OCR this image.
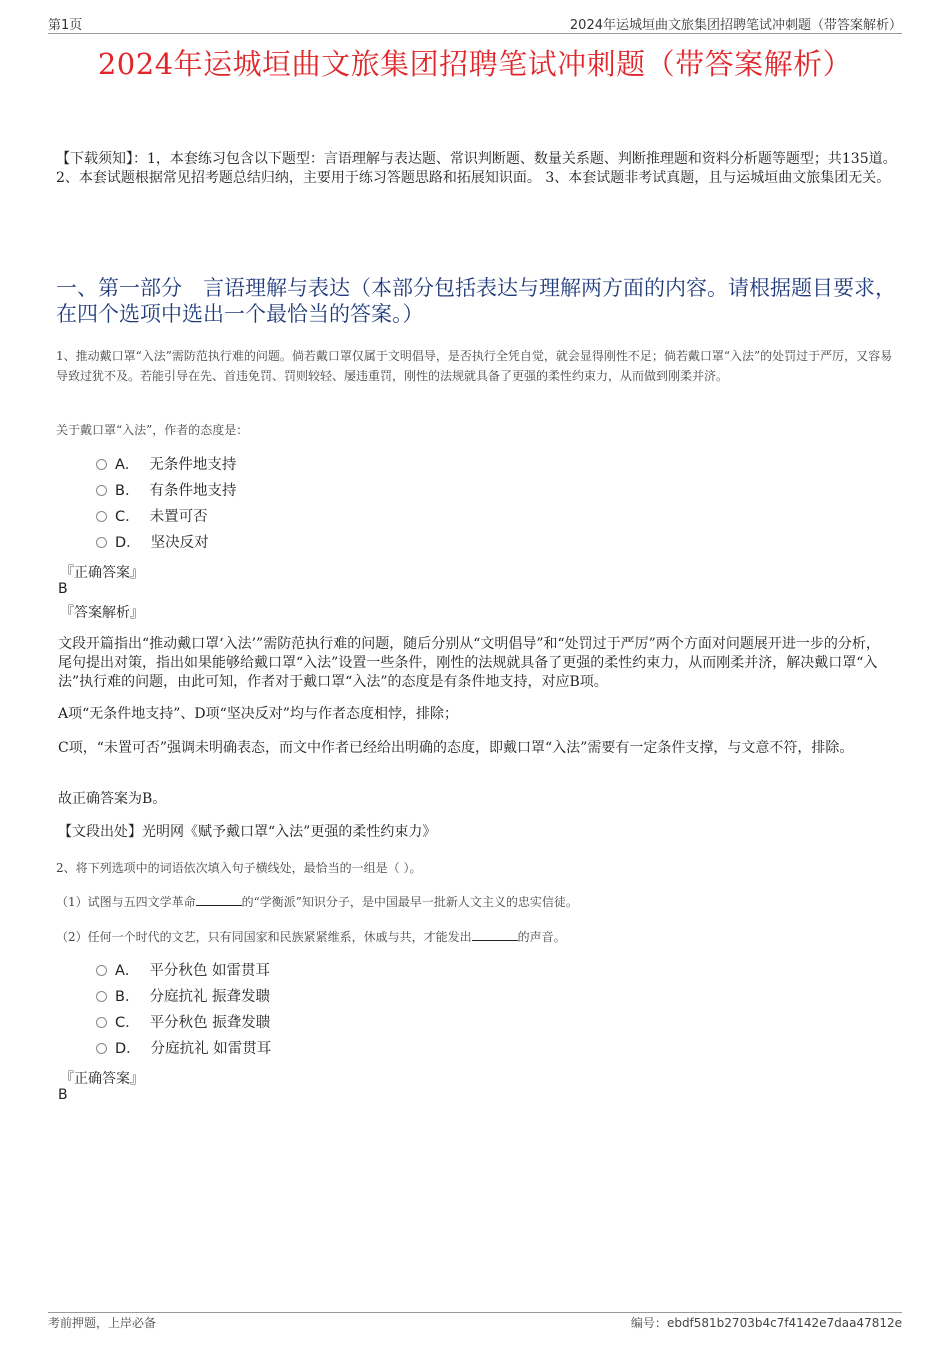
第1页	2024年运城垣曲文旅集团招聘笔试冲刺题（带答案解析）
2024年运城垣曲文旅集团招聘笔试冲刺题（带答案解析）
【下载须知】：1，本套练习包含以下题型：言语理解与表达题、常识判断题、数量关系题、判断推理题和资料分析题等题型；共135道。 2、本套试题根据常见招考题总结归纳，主要用于练习答题思路和拓展知识面。 3、本套试题非考试真题，且与运城垣曲文旅集团无关。
一、第一部分　言语理解与表达（本部分包括表达与理解两方面的内容。请根据题目要求，在四个选项中选出一个最恰当的答案。）
1、推动戴口罩“入法”需防范执行难的问题。倘若戴口罩仅属于文明倡导，是否执行全凭自觉，就会显得刚性不足；倘若戴口罩“入法”的处罚过于严厉，又容易导致过犹不及。若能引导在先、首违免罚、罚则较轻、屡违重罚，刚性的法规就具备了更强的柔性约束力，从而做到刚柔并济。
关于戴口罩“入法”，作者的态度是：
A． 无条件地支持
B． 有条件地支持
C． 未置可否
D． 坚决反对
『正确答案』
B
『答案解析』
文段开篇指出“推动戴口罩‘入法’”需防范执行难的问题，随后分别从“文明倡导”和“处罚过于严厉”两个方面对问题展开进一步的分析，尾句提出对策，指出如果能够给戴口罩“入法”设置一些条件，刚性的法规就具备了更强的柔性约束力，从而刚柔并济，解决戴口罩“入法”执行难的问题，由此可知，作者对于戴口罩“入法”的态度是有条件地支持，对应B项。
A项“无条件地支持”、D项“坚决反对”均与作者态度相悖，排除；
C项，“未置可否”强调未明确表态，而文中作者已经给出明确的态度，即戴口罩“入法”需要有一定条件支撑，与文意不符，排除。
故正确答案为B。
【文段出处】光明网《赋予戴口罩“入法”更强的柔性约束力》
2、将下列选项中的词语依次填入句子横线处，最恰当的一组是（ ）。
（1）试图与五四文学革命	的“学衡派”知识分子，是中国最早一批新人文主义的忠实信徒。
（2）任何一个时代的文艺，只有同国家和民族紧紧维系，休戚与共，才能发出	的声音。
A． 平分秋色 如雷贯耳
B． 分庭抗礼 振聋发聩
C． 平分秋色 振聋发聩
D． 分庭抗礼 如雷贯耳
『正确答案』
B
考前押题，上岸必备	编号：ebdf581b2703b4c7f4142e7daa47812e
